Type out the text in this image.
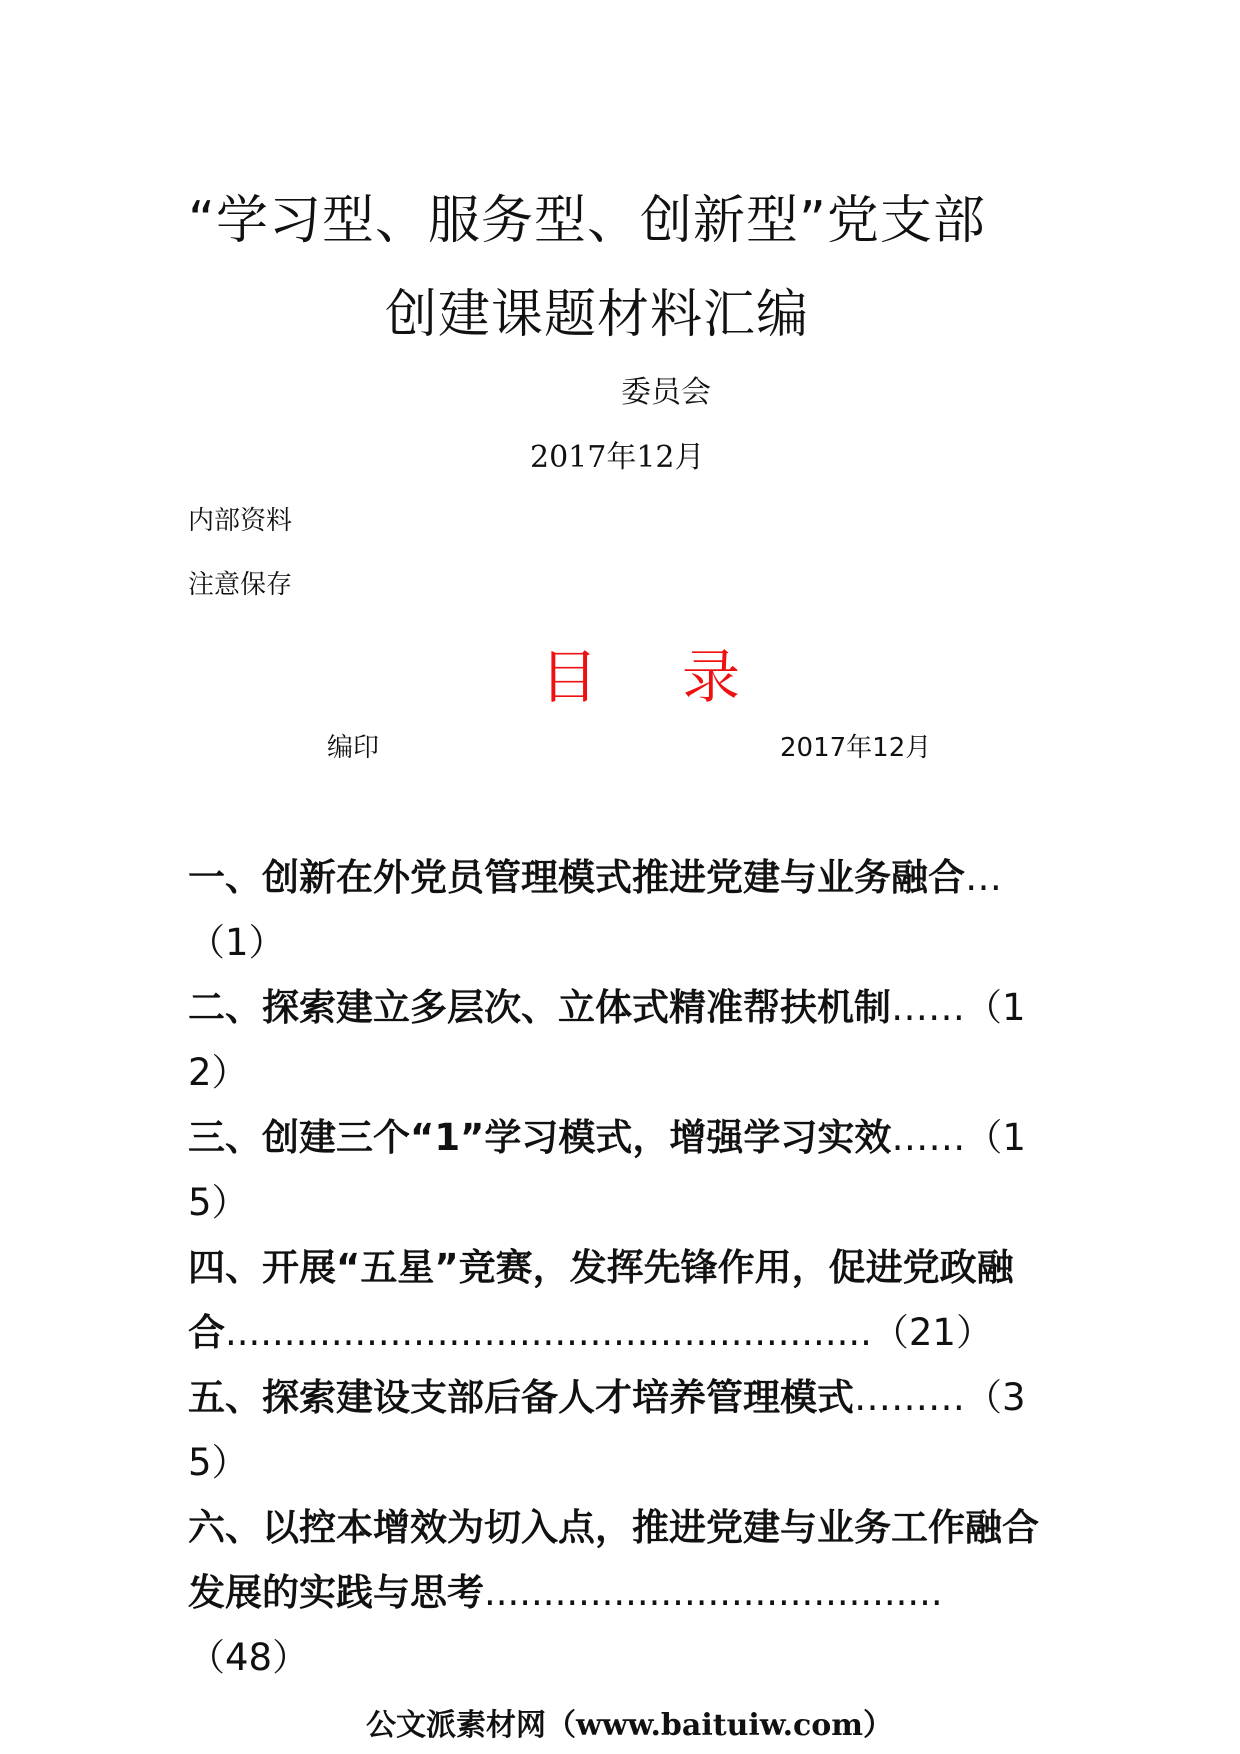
“学习型、服务型、创新型”党支部
创建课题材料汇编
委员会
2017年12月
内部资料
注意保存
目 录
编印	2017年12月
一、创新在外党员管理模式推进党建与业务融合…（1）
二、探索建立多层次、立体式精准帮扶机制……（12）
三、创建三个“1”学习模式，增强学习实效……（15）
四、开展“五星”竞赛，发挥先锋作用，促进党政融合.......................................................（21）
五、探索建设支部后备人才培养管理模式………（35）
六、以控本增效为切入点，推进党建与业务工作融合发展的实践与思考.......................................（48）
公文派素材网（www.baituiw.com）
